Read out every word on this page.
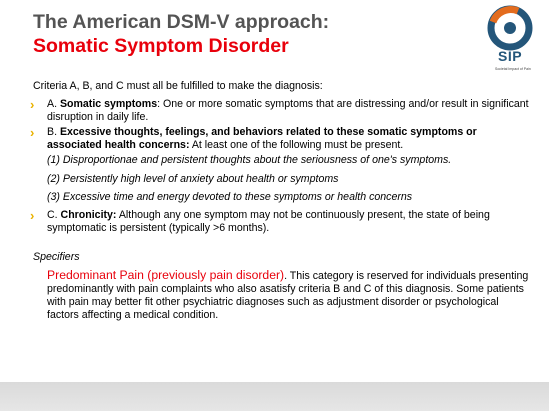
The American DSM-V approach:
Somatic Symptom Disorder	SIP
Societal Impact of Pain
Criteria A, B, and C must all be fulfilled to make the diagnosis:
› A. Somatic symptoms: One or more somatic symptoms that are distressing and/or result in significant disruption in daily life.
› B. Excessive thoughts, feelings, and behaviors related to these somatic symptoms or associated health concerns: At least one of the following must be present.
(1) Disproportionae and persistent thoughts about the seriousness of one's symptoms.
(2) Persistently high level of anxiety about health or symptoms
(3) Excessive time and energy devoted to these symptoms or health concerns
› C. Chronicity: Although any one symptom may not be continuously present, the state of being symptomatic is persistent (typically >6 months).
Specifiers
Predominant Pain (previously pain disorder). This category is reserved for individuals presenting predominantly with pain complaints who also asatisfy criteria B and C of this diagnosis. Some patients with pain may better fit other psychiatric diagnoses such as adjustment disorder or psychological factors affecting a medical condition.
